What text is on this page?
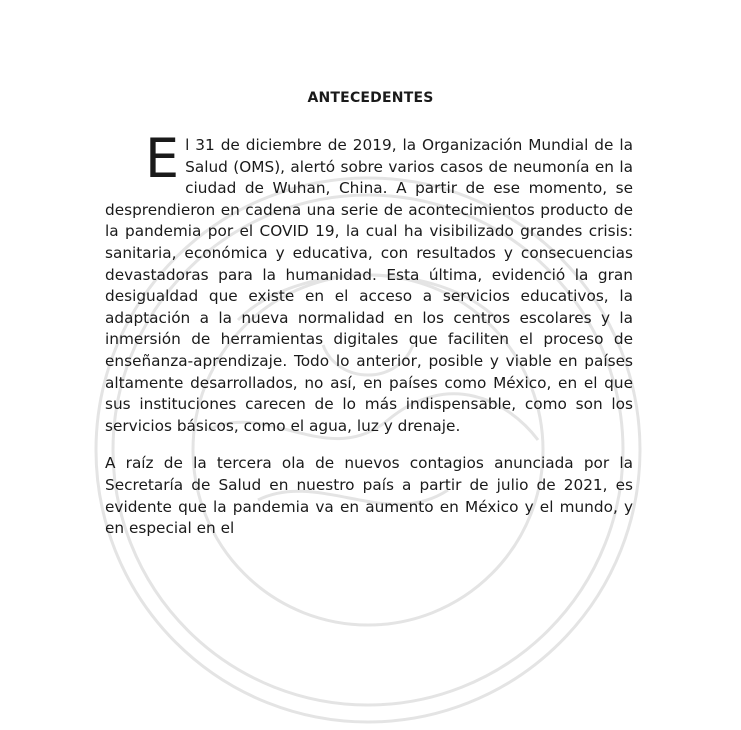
ANTECEDENTES

El 31 de diciembre de 2019, la Organización Mundial de la Salud (OMS), alertó sobre varios casos de neumonía en la ciudad de Wuhan, China. A partir de ese momento, se desprendieron en cadena una serie de acontecimientos producto de la pandemia por el COVID 19, la cual ha visibilizado grandes crisis: sanitaria, económica y educativa, con resultados y consecuencias devastadoras para la humanidad. Esta última, evidenció la gran desigualdad que existe en el acceso a servicios educativos, la adaptación a la nueva normalidad en los centros escolares y la inmersión de herramientas digitales que faciliten el proceso de enseñanza-aprendizaje. Todo lo anterior, posible y viable en países altamente desarrollados, no así, en países como México, en el que sus instituciones carecen de lo más indispensable, como son los servicios básicos, como el agua, luz y drenaje.

A raíz de la tercera ola de nuevos contagios anunciada por la Secretaría de Salud en nuestro país a partir de julio de 2021, es evidente que la pandemia va en aumento en México y el mundo, y en especial en el
